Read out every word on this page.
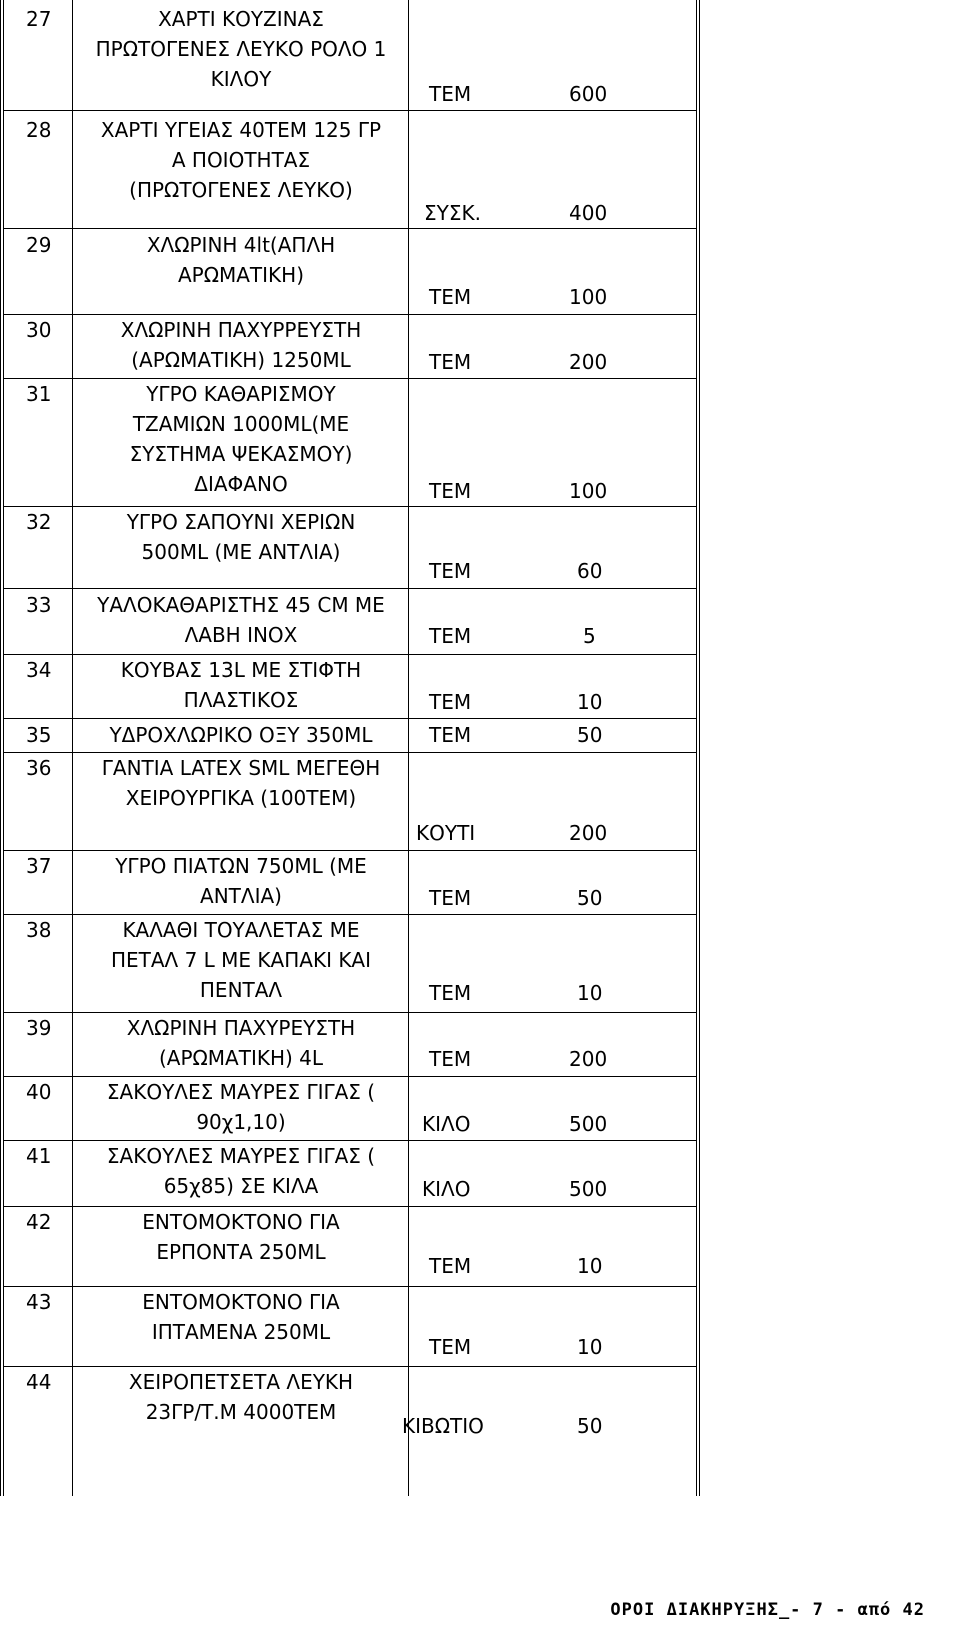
27	ΧΑΡΤΙ ΚΟΥΖΙΝΑΣ
ΠΡΩΤΟΓΕΝΕΣ ΛΕΥΚΟ ΡΟΛΟ 1
ΚΙΛΟΥ
ΤΕΜ	600
28	ΧΑΡΤΙ ΥΓΕΙΑΣ 40ΤΕΜ 125 ΓΡ
Α ΠΟΙΟΤΗΤΑΣ
(ΠΡΩΤΟΓΕΝΕΣ ΛΕΥΚΟ)
ΣΥΣΚ.	400
29	ΧΛΩΡΙΝΗ 4lt(ΑΠΛΗ
ΑΡΩΜΑΤΙΚΗ)
ΤΕΜ	100
30	ΧΛΩΡΙΝΗ ΠΑΧΥΡΡΕΥΣΤΗ
(ΑΡΩΜΑΤΙΚΗ) 1250ML	ΤΕΜ	200
31	ΥΓΡΟ ΚΑΘΑΡΙΣΜΟΥ
ΤΖΑΜΙΩΝ 1000ML(ΜΕ
ΣΥΣΤΗΜΑ ΨΕΚΑΣΜΟΥ)
ΔΙΑΦΑΝΟ	ΤΕΜ	100
32	ΥΓΡΟ ΣΑΠΟΥΝΙ ΧΕΡΙΩΝ
500ML (ΜΕ ΑΝΤΛΙΑ)
ΤΕΜ	60
33	ΥΑΛΟΚΑΘΑΡΙΣΤΗΣ 45 CM ΜΕ
ΛΑΒΗ ΙΝΟΧ	ΤΕΜ	5
34	ΚΟΥΒΑΣ 13L ΜΕ ΣΤΙΦΤΗ
ΠΛΑΣΤΙΚΟΣ	ΤΕΜ	10
35	ΥΔΡΟΧΛΩΡΙΚΟ ΟΞΥ 350ML	ΤΕΜ	50
36	ΓΑΝΤΙΑ LATEX SML ΜΕΓΕΘΗ
ΧΕΙΡΟΥΡΓΙΚΑ (100ΤΕΜ)
ΚΟΥΤΙ	200
37	ΥΓΡΟ ΠΙΑΤΩΝ 750ML (ΜΕ
ΑΝΤΛΙΑ)	ΤΕΜ	50
38	ΚΑΛΑΘΙ ΤΟΥΑΛΕΤΑΣ ΜΕ
ΠΕΤΑΛ 7 L ΜΕ ΚΑΠΑΚΙ ΚΑΙ
ΠΕΝΤΑΛ	ΤΕΜ	10
39	ΧΛΩΡΙΝΗ ΠΑΧΥΡΕΥΣΤΗ
(ΑΡΩΜΑΤΙΚΗ) 4L	ΤΕΜ	200
40	ΣΑΚΟΥΛΕΣ ΜΑΥΡΕΣ ΓΙΓΑΣ (
90χ1,10)	ΚΙΛΟ	500
41	ΣΑΚΟΥΛΕΣ ΜΑΥΡΕΣ ΓΙΓΑΣ (
65χ85) ΣΕ ΚΙΛΑ	ΚΙΛΟ	500
42	ΕΝΤΟΜΟΚΤΟΝΟ ΓΙΑ
ΕΡΠΟΝΤΑ 250ML
ΤΕΜ	10
43	ΕΝΤΟΜΟΚΤΟΝΟ ΓΙΑ
ΙΠΤΑΜΕΝΑ 250ML
ΤΕΜ	10
44	ΧΕΙΡΟΠΕΤΣΕΤΑ ΛΕΥΚΗ
23ΓΡ/Τ.Μ 4000ΤΕΜ
ΚΙΒΩΤΙΟ	50
ΟΡΟΙ ΔΙΑΚΗΡΥΞΗΣ_- 7 - από 42
